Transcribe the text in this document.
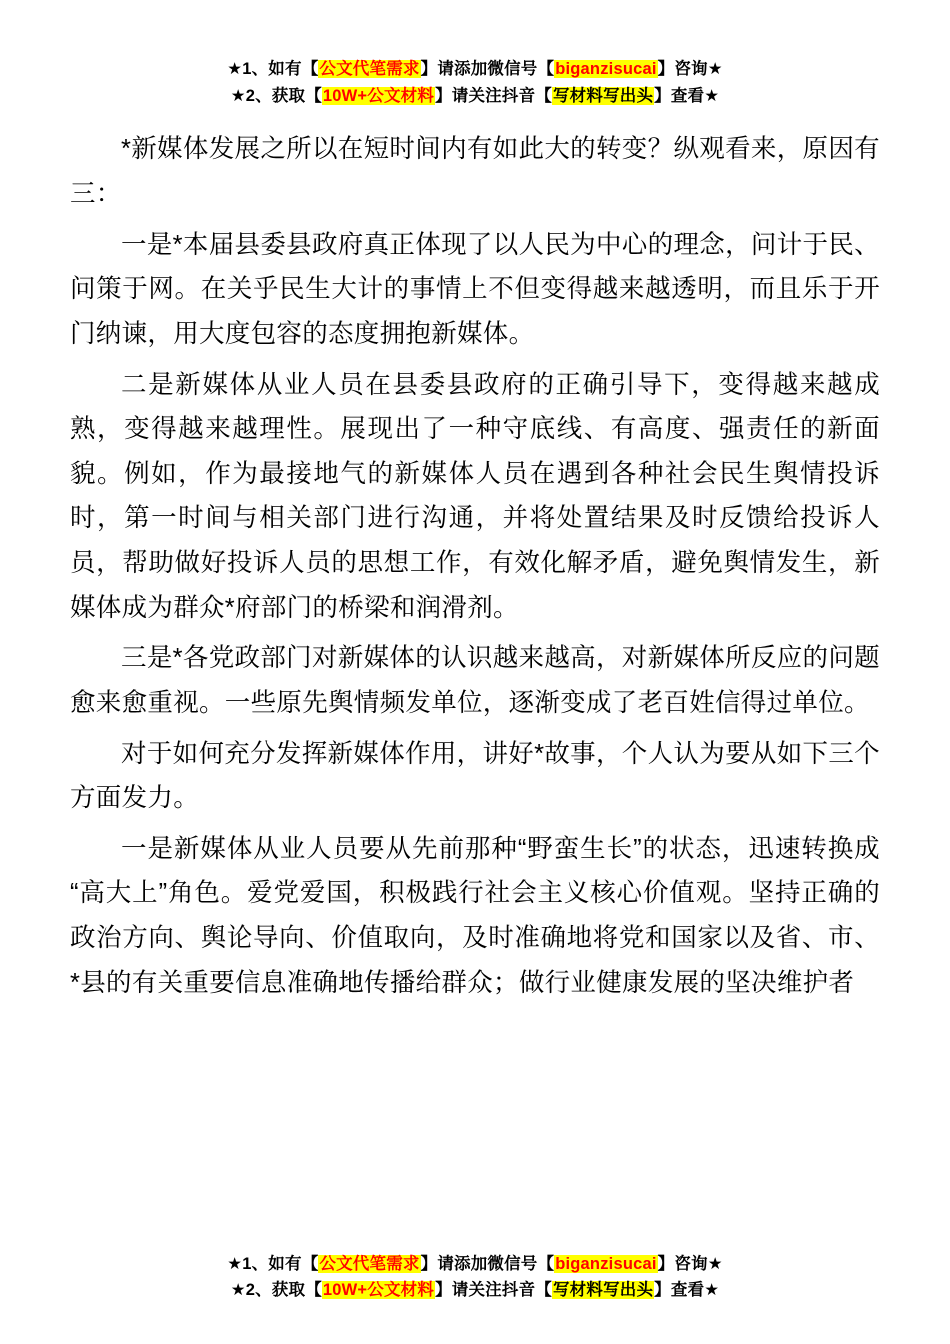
★1、如有【公文代笔需求】请添加微信号【biganzisucai】咨询★
★2、获取【10W+公文材料】请关注抖音【写材料写出头】查看★

*新媒体发展之所以在短时间内有如此大的转变？纵观看来，原因有三：

一是*本届县委县政府真正体现了以人民为中心的理念，问计于民、问策于网。在关乎民生大计的事情上不但变得越来越透明，而且乐于开门纳谏，用大度包容的态度拥抱新媒体。

二是新媒体从业人员在县委县政府的正确引导下，变得越来越成熟，变得越来越理性。展现出了一种守底线、有高度、强责任的新面貌。例如，作为最接地气的新媒体人员在遇到各种社会民生舆情投诉时，第一时间与相关部门进行沟通，并将处置结果及时反馈给投诉人员，帮助做好投诉人员的思想工作，有效化解矛盾，避免舆情发生，新媒体成为群众*府部门的桥梁和润滑剂。

三是*各党政部门对新媒体的认识越来越高，对新媒体所反应的问题愈来愈重视。一些原先舆情频发单位，逐渐变成了老百姓信得过单位。

对于如何充分发挥新媒体作用，讲好*故事，个人认为要从如下三个方面发力。

一是新媒体从业人员要从先前那种“野蛮生长”的状态，迅速转换成“高大上”角色。爱党爱国，积极践行社会主义核心价值观。坚持正确的政治方向、舆论导向、价值取向，及时准确地将党和国家以及省、市、*县的有关重要信息准确地传播给群众；做行业健康发展的坚决维护者

★1、如有【公文代笔需求】请添加微信号【biganzisucai】咨询★
★2、获取【10W+公文材料】请关注抖音【写材料写出头】查看★
